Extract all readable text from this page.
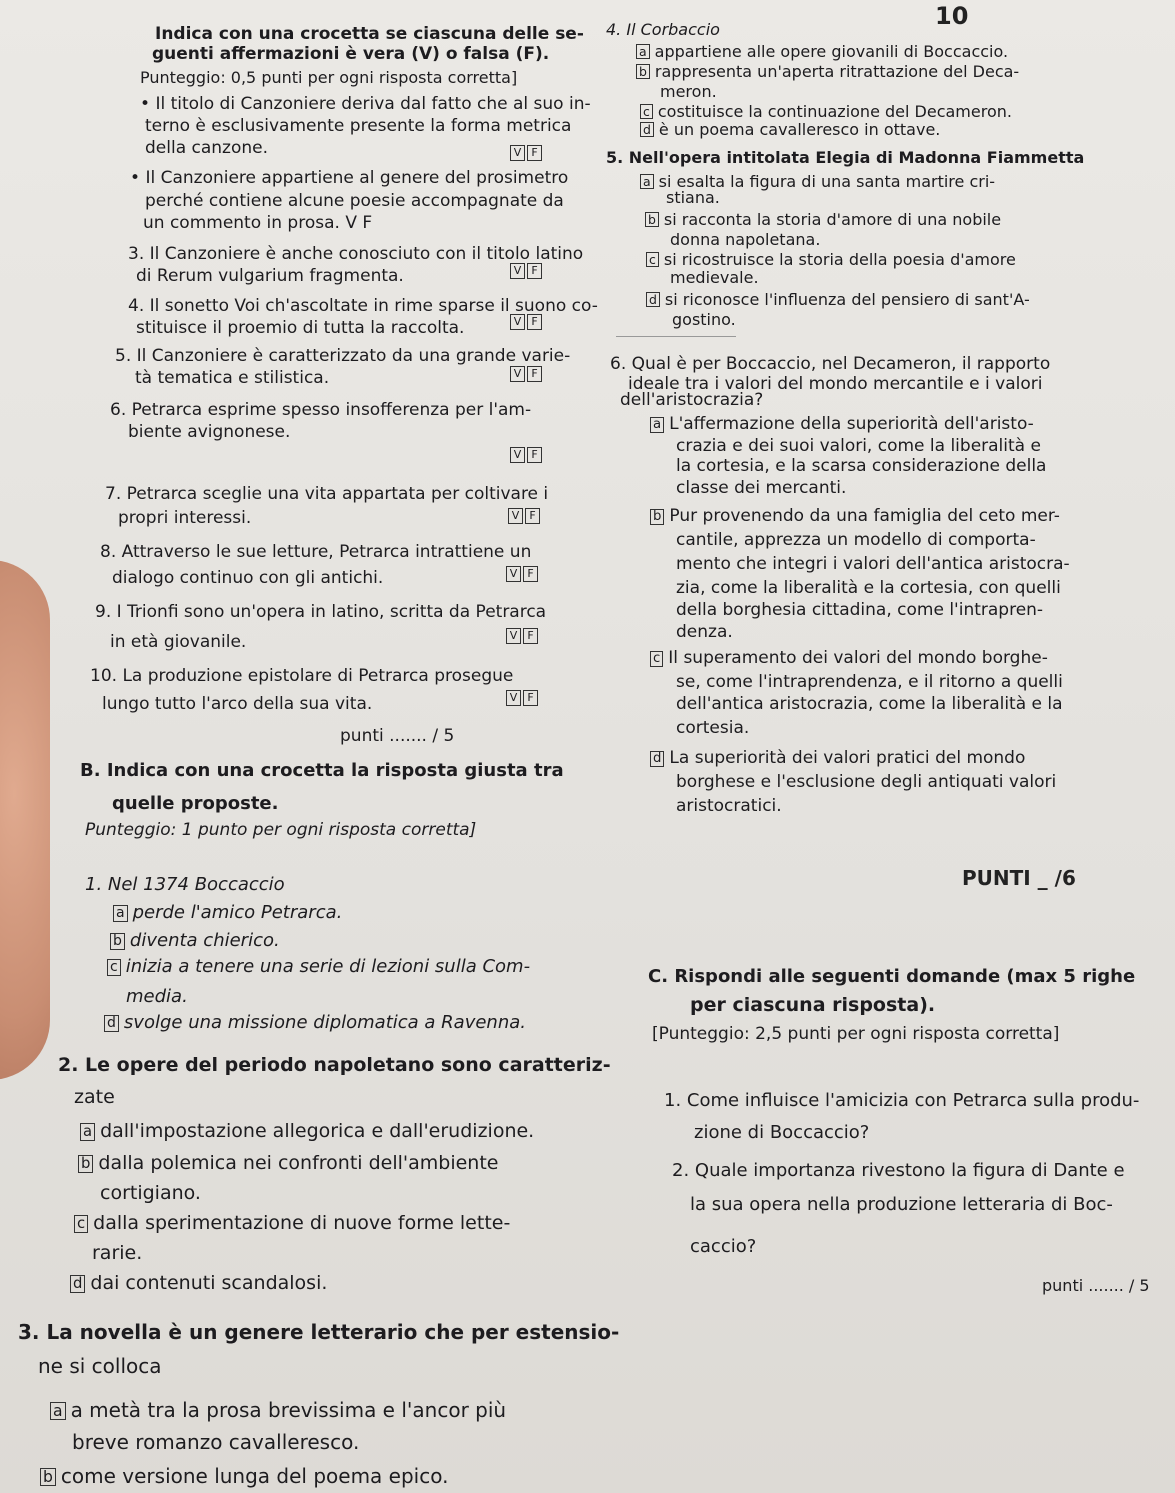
Indica con una crocetta se ciascuna delle se-
guenti affermazioni è vera (V) o falsa (F).
Punteggio: 0,5 punti per ogni risposta corretta]
• Il titolo di Canzoniere deriva dal fatto che al suo in-
terno è esclusivamente presente la forma metrica
della canzone.	V F
• Il Canzoniere appartiene al genere del prosimetro
perché contiene alcune poesie accompagnate da
un commento in prosa. V F
3. Il Canzoniere è anche conosciuto con il titolo latino
di Rerum vulgarium fragmenta.	V F
4. Il sonetto Voi ch'ascoltate in rime sparse il suono co-
stituisce il proemio di tutta la raccolta.	V F
5. Il Canzoniere è caratterizzato da una grande varie-
tà tematica e stilistica.	V F
6. Petrarca esprime spesso insofferenza per l'am-
biente avignonese.
V F
7. Petrarca sceglie una vita appartata per coltivare i
propri interessi.	V F
8. Attraverso le sue letture, Petrarca intrattiene un
dialogo continuo con gli antichi.	V F
9. I Trionfi sono un'opera in latino, scritta da Petrarca
in età giovanile.	V F
10. La produzione epistolare di Petrarca prosegue
lungo tutto l'arco della sua vita.	V F
punti ....... / 5
B. Indica con una crocetta la risposta giusta tra
quelle proposte.
Punteggio: 1 punto per ogni risposta corretta]
1. Nel 1374 Boccaccio
a perde l'amico Petrarca.
b diventa chierico.
c inizia a tenere una serie di lezioni sulla Com-
media.
d svolge una missione diplomatica a Ravenna.
2. Le opere del periodo napoletano sono caratteriz-
zate
a dall'impostazione allegorica e dall'erudizione.
b dalla polemica nei confronti dell'ambiente
cortigiano.
c dalla sperimentazione di nuove forme lette-
rarie.
d dai contenuti scandalosi.
3. La novella è un genere letterario che per estensio-
ne si colloca
a a metà tra la prosa brevissima e l'ancor più
breve romanzo cavalleresco.
b come versione lunga del poema epico.
10
4. Il Corbaccio
a appartiene alle opere giovanili di Boccaccio.
b rappresenta un'aperta ritrattazione del Deca-
meron.
c costituisce la continuazione del Decameron.
d è un poema cavalleresco in ottave.
5. Nell'opera intitolata Elegia di Madonna Fiammetta
a si esalta la figura di una santa martire cri-
stiana.
b si racconta la storia d'amore di una nobile
donna napoletana.
c si ricostruisce la storia della poesia d'amore
medievale.
d si riconosce l'influenza del pensiero di sant'A-
gostino.
6. Qual è per Boccaccio, nel Decameron, il rapporto
ideale tra i valori del mondo mercantile e i valori
dell'aristocrazia?
a L'affermazione della superiorità dell'aristo-
crazia e dei suoi valori, come la liberalità e
la cortesia, e la scarsa considerazione della
classe dei mercanti.
b Pur provenendo da una famiglia del ceto mer-
cantile, apprezza un modello di comporta-
mento che integri i valori dell'antica aristocra-
zia, come la liberalità e la cortesia, con quelli
della borghesia cittadina, come l'intrapren-
denza.
c Il superamento dei valori del mondo borghe-
se, come l'intraprendenza, e il ritorno a quelli
dell'antica aristocrazia, come la liberalità e la
cortesia.
d La superiorità dei valori pratici del mondo
borghese e l'esclusione degli antiquati valori
aristocratici.
PUNTI _ /6
C. Rispondi alle seguenti domande (max 5 righe
per ciascuna risposta).
[Punteggio: 2,5 punti per ogni risposta corretta]
1. Come influisce l'amicizia con Petrarca sulla produ-
zione di Boccaccio?
2. Quale importanza rivestono la figura di Dante e
la sua opera nella produzione letteraria di Boc-
caccio?
punti ....... / 5
